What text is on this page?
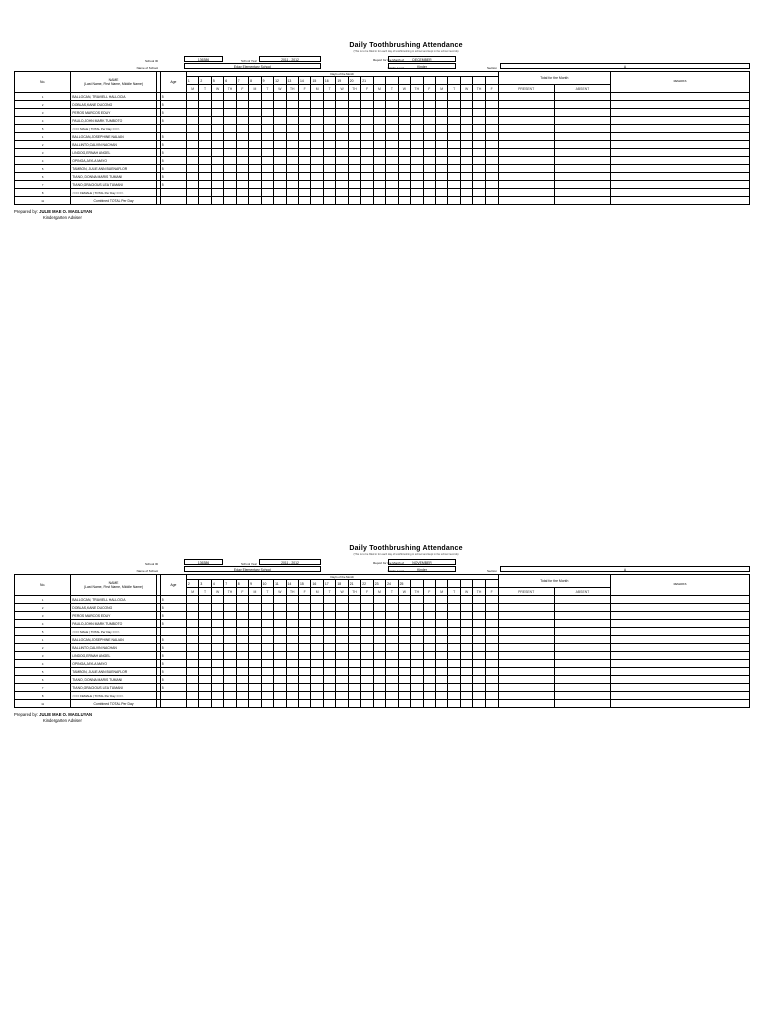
Daily Toothbrushing Attendance
(This is to be filled in for each day of toothbrushing in school and kept in the school records)
School ID	136386	School Year	2011 - 2012	Report for the Month of	DECEMBER
Name of School	Eday Elementary School	Grade Level	Kinder	Section	A
No.	NAME
(Last Name, First Name, Middle Name)		Age	Day/s of the Month																									Total for the Month		REMARKS
				1	2	5	6	7	8	9	12	13	14	15	16	19	20	21													
				M	T	W	TH	F	M	T	W	TH	F	M	T	W	TH	F	M	T	W	TH	F	M	T	W	TH	F	PRESENT	ABSENT	
1	BALLOCAN, TRAVIELL HALLOCIA		5																												
2	DOBLAS,KANE DUCONG		5																												
3	PEROS MARCOS EDUY		5																												
4	PAULO,JOHN MARK TUMBOTO		5																												
5	<=== MALE | TOTAL Per Day ===>																														
1	BALLOCAN,JOSEPHINE NALIAN		5																												
2	BALLINTO,CALVIN NACHAN		5																												
3	LINDOG,ERNAH ANGEL		5																												
4	OPINGA,JAYLA MAYO		5																												
5	TAMBON, JULIE ANN BUENAFLOR		5																												
6	TIANO, DONNA MARIS TUMANI		5																												
7	TIANO,GRACIOUS LEA TUMANI		5																												
8	<=== FEMALE | TOTAL Per Day ===>																														
11	Combined TOTAL Per Day																														
Prepared by: JULIE MAE O. MAGLUYAN
Kindergarten Adviser
Daily Toothbrushing Attendance
(This is to be filled in for each day of toothbrushing in school and kept in the school records)
School ID	136386	School Year	2011 - 2012	Report for the Month of	NOVEMBER
Name of School	Eday Elementary School	Grade Level	Kinder	Section	A
No.	NAME
(Last Name, First Name, Middle Name)		Age	Day/s of the Month																									Total for the Month		REMARKS
				2	3	4	7	8	9	10	11	14	15	16	17	18	21	22	23	24	25										
				M	T	W	TH	F	M	T	W	TH	F	M	T	W	TH	F	M	T	W	TH	F	M	T	W	TH	F	PRESENT	ABSENT	
1	BALLOCAN, TRAVIELL HALLOCIA		5																												
2	DOBLAS,KANE DUCONG		5																												
3	PEROS MARCOS EDUY		5																												
4	PAULO,JOHN MARK TUMBOTO		5																												
5	<=== MALE | TOTAL Per Day ===>																														
1	BALLOCAN,JOSEPHINE NALIAN		5																												
2	BALLINTO,CALVIN NACHAN		5																												
3	LINDOG,ERNAH ANGEL		5																												
4	OPINGA,JAYLA MAYO		5																												
5	TAMBON, JULIE ANN BUENAFLOR		5																												
6	TIANO, DONNA MARIS TUMANI		5																												
7	TIANO,GRACIOUS LEA TUMANI		5																												
8	<=== FEMALE | TOTAL Per Day ===>																														
11	Combined TOTAL Per Day																														
Prepared by: JULIE MAE O. MAGLUYAN
Kindergarten Adviser
